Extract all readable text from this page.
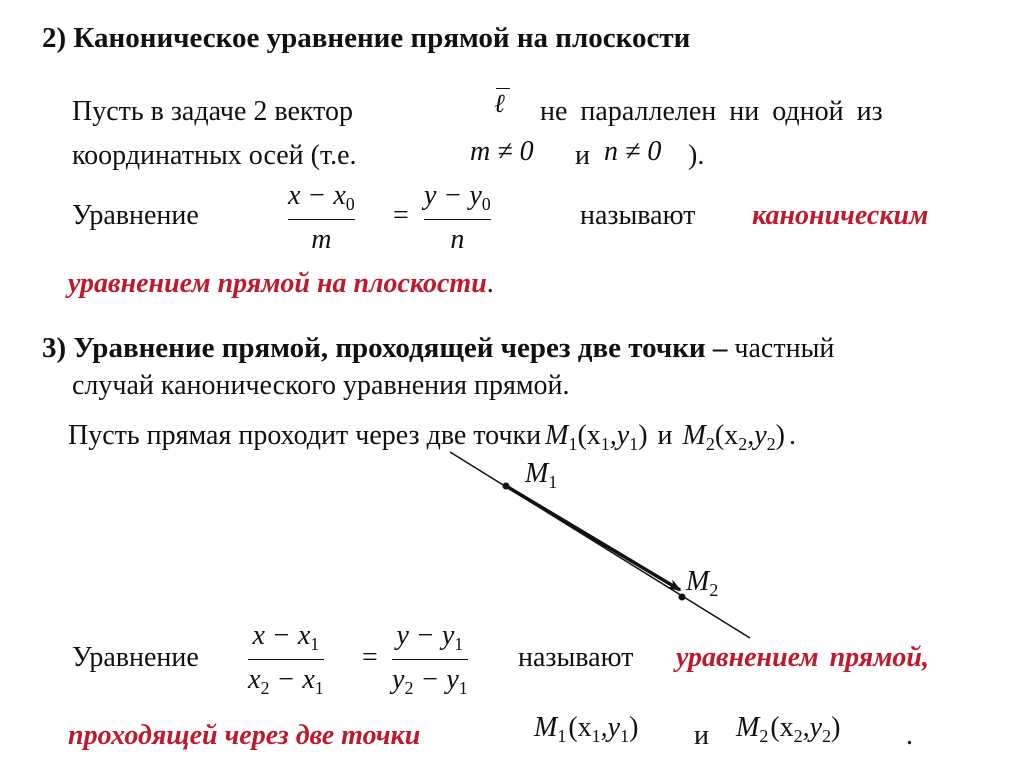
2) Каноническое уравнение прямой на плоскости
Пусть в задаче 2 вектор	ℓ не параллелен ни одной из
координатных осей (т.е.	m ≠ 0 и n ≠ 0 ).
Уравнение
$x - x_0$
m
=
$y - y_0$
n
называют каноническим
уравнением прямой на плоскости.
3) Уравнение прямой, проходящей через две точки – частный
случай канонического уравнения прямой.
Пусть прямая проходит через две точки $M_1(x_1,y_1)$ и $M_2(x_2,y_2)$ .
$M_1$
$M_2$
Уравнение
$x - x_1$
$x_2 - x_1$
=
$y - y_1$
$y_2 - y_1$
называют уравнением прямой,
проходящей через две точки	$M_1(x_1,y_1)$ и $M_2(x_2,y_2)$ .
